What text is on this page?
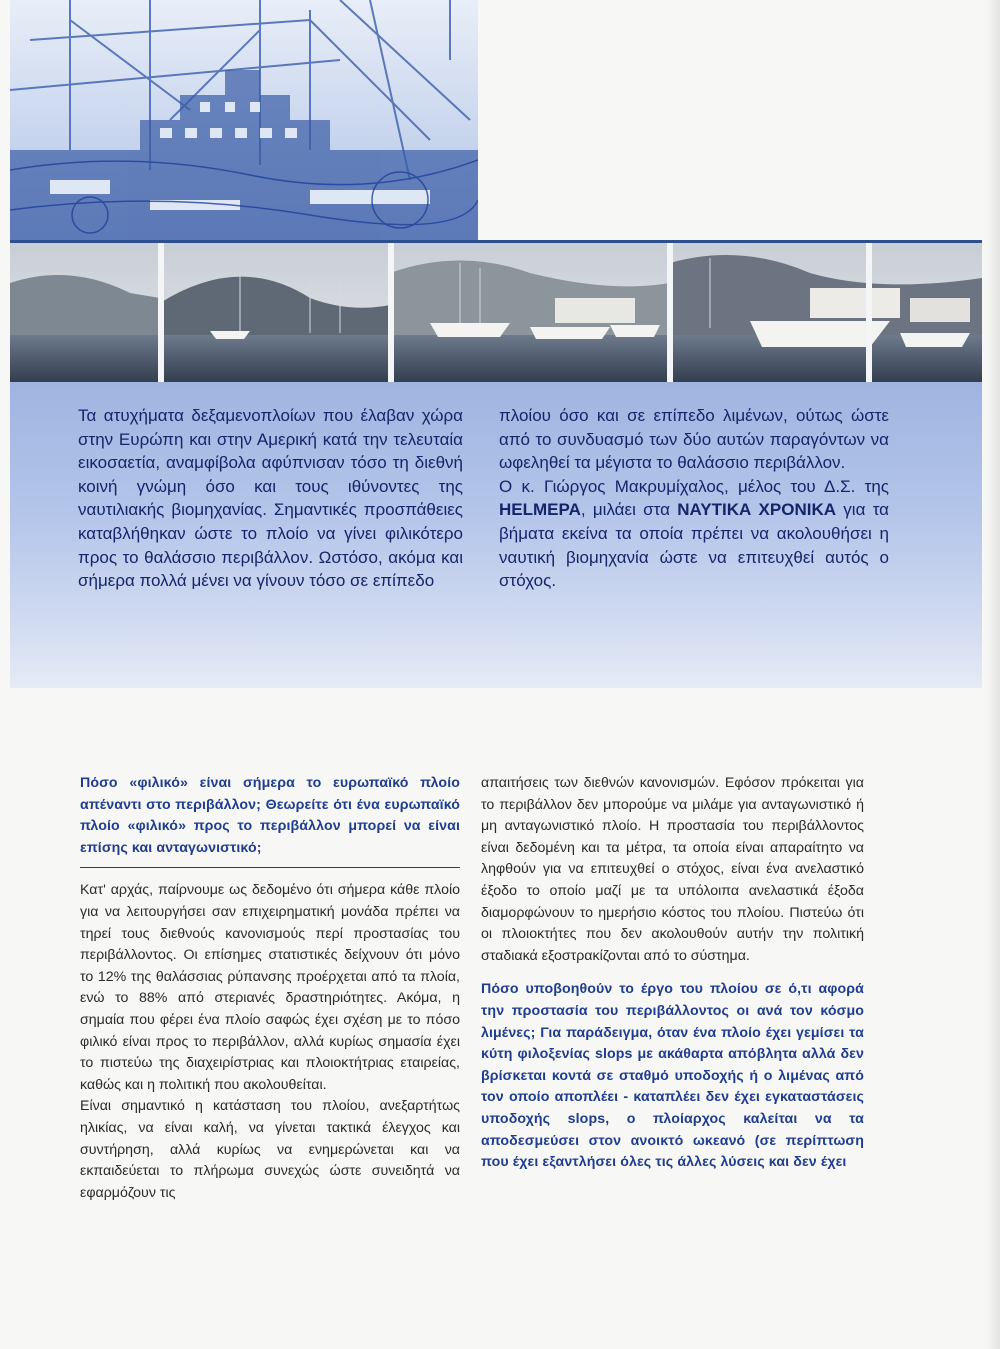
Τα ατυχήματα δεξαμενοπλοίων που έλαβαν χώρα στην Ευρώπη και στην Αμερική κατά την τελευταία εικοσαετία, αναμφίβολα αφύπνισαν τόσο τη διεθνή κοινή γνώμη όσο και τους ιθύνοντες της ναυτιλιακής βιομηχανίας. Σημαντικές προσπάθειες καταβλήθηκαν ώστε το πλοίο να γίνει φιλικότερο προς το θαλάσσιο περιβάλλον. Ωστόσο, ακόμα και σήμερα πολλά μένει να γίνουν τόσο σε επίπεδο

πλοίου όσο και σε επίπεδο λιμένων, ούτως ώστε από το συνδυασμό των δύο αυτών παραγόντων να ωφεληθεί τα μέγιστα το θαλάσσιο περιβάλλον.

Ο κ. Γιώργος Μακρυμίχαλος, μέλος του Δ.Σ. της HELMEPA, μιλάει στα ΝΑΥΤΙΚΑ ΧΡΟΝΙΚΑ για τα βήματα εκείνα τα οποία πρέπει να ακολουθήσει η ναυτική βιομηχανία ώστε να επιτευχθεί αυτός ο στόχος.

Πόσο «φιλικό» είναι σήμερα το ευρωπαϊκό πλοίο απέναντι στο περιβάλλον; Θεωρείτε ότι ένα ευρωπαϊκό πλοίο «φιλικό» προς το περιβάλλον μπορεί να είναι επίσης και ανταγωνιστικό;

Κατ' αρχάς, παίρνουμε ως δεδομένο ότι σήμερα κάθε πλοίο για να λειτουργήσει σαν επιχειρηματική μονάδα πρέπει να τηρεί τους διεθνούς κανονισμούς περί προστασίας του περιβάλλοντος. Οι επίσημες στατιστικές δείχνουν ότι μόνο το 12% της θαλάσσιας ρύπανσης προέρχεται από τα πλοία, ενώ το 88% από στεριανές δραστηριότητες. Ακόμα, η σημαία που φέρει ένα πλοίο σαφώς έχει σχέση με το πόσο φιλικό είναι προς το περιβάλλον, αλλά κυρίως σημασία έχει το πιστεύω της διαχειρίστριας και πλοιοκτήτριας εταιρείας, καθώς και η πολιτική που ακολουθείται.

Είναι σημαντικό η κατάσταση του πλοίου, ανεξαρτήτως ηλικίας, να είναι καλή, να γίνεται τακτικά έλεγχος και συντήρηση, αλλά κυρίως να ενημερώνεται και να εκπαιδεύεται το πλήρωμα συνεχώς ώστε συνειδητά να εφαρμόζουν τις

απαιτήσεις των διεθνών κανονισμών. Εφόσον πρόκειται για το περιβάλλον δεν μπορούμε να μιλάμε για ανταγωνιστικό ή μη ανταγωνιστικό πλοίο. Η προστασία του περιβάλλοντος είναι δεδομένη και τα μέτρα, τα οποία είναι απαραίτητο να ληφθούν για να επιτευχθεί ο στόχος, είναι ένα ανελαστικό έξοδο το οποίο μαζί με τα υπόλοιπα ανελαστικά έξοδα διαμορφώνουν το ημερήσιο κόστος του πλοίου. Πιστεύω ότι οι πλοιοκτήτες που δεν ακολουθούν αυτήν την πολιτική σταδιακά εξοστρακίζονται από το σύστημα.

Πόσο υποβοηθούν το έργο του πλοίου σε ό,τι αφορά την προστασία του περιβάλλοντος οι ανά τον κόσμο λιμένες; Για παράδειγμα, όταν ένα πλοίο έχει γεμίσει τα κύτη φιλοξενίας slops με ακάθαρτα απόβλητα αλλά δεν βρίσκεται κοντά σε σταθμό υποδοχής ή ο λιμένας από τον οποίο αποπλέει - καταπλέει δεν έχει εγκαταστάσεις υποδοχής slops, ο πλοίαρχος καλείται να τα αποδεσμεύσει στον ανοικτό ωκεανό (σε περίπτωση που έχει εξαντλήσει όλες τις άλλες λύσεις και δεν έχει
